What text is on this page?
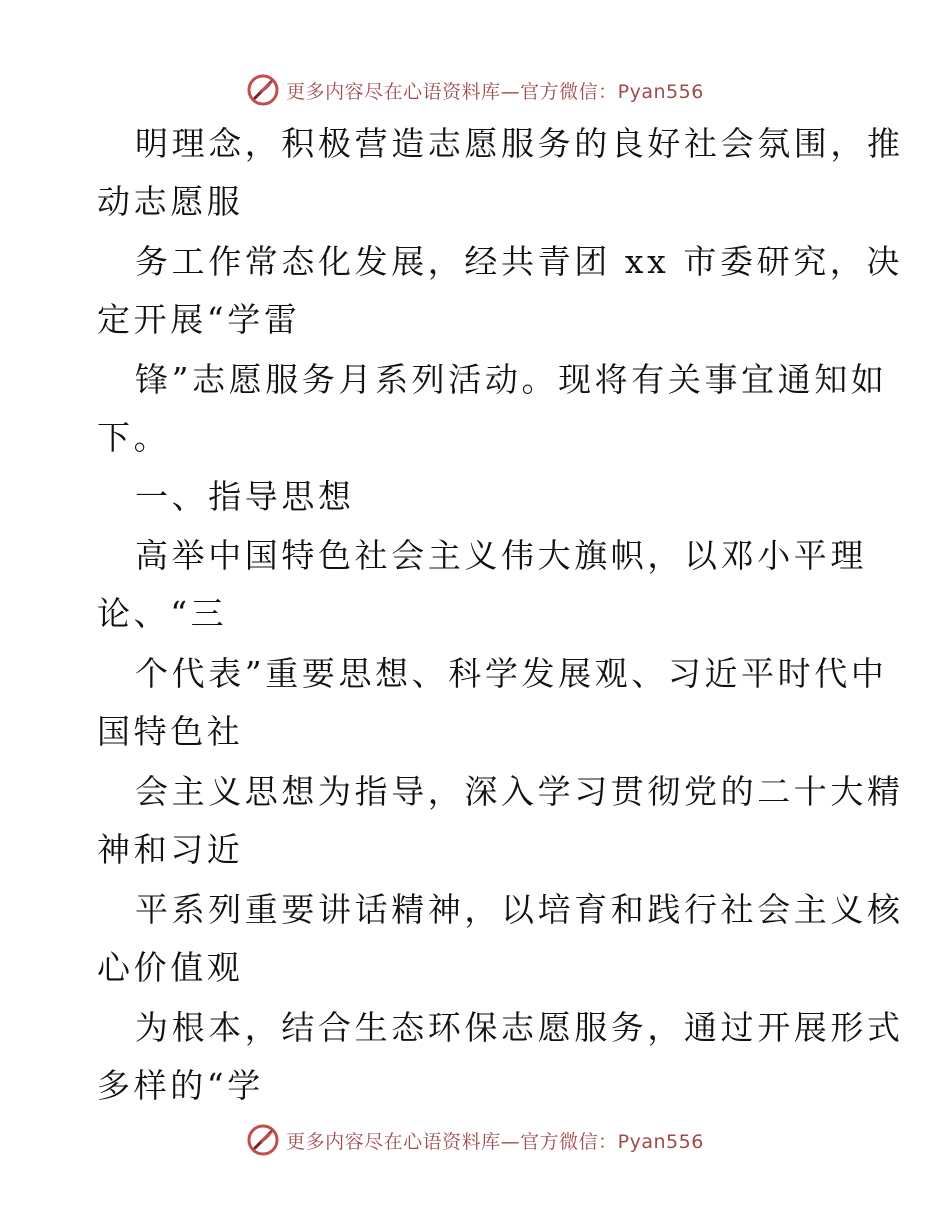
更多内容尽在心语资料库—官方微信：Pyan556
明理念，积极营造志愿服务的良好社会氛围，推
动志愿服
务工作常态化发展，经共青团 xx 市委研究，决
定开展“学雷
锋”志愿服务月系列活动。现将有关事宜通知如
下。
一、指导思想
高举中国特色社会主义伟大旗帜，以邓小平理
论、“三
个代表”重要思想、科学发展观、习近平时代中
国特色社
会主义思想为指导，深入学习贯彻党的二十大精
神和习近
平系列重要讲话精神，以培育和践行社会主义核
心价值观
为根本，结合生态环保志愿服务，通过开展形式
多样的“学
更多内容尽在心语资料库—官方微信：Pyan556
